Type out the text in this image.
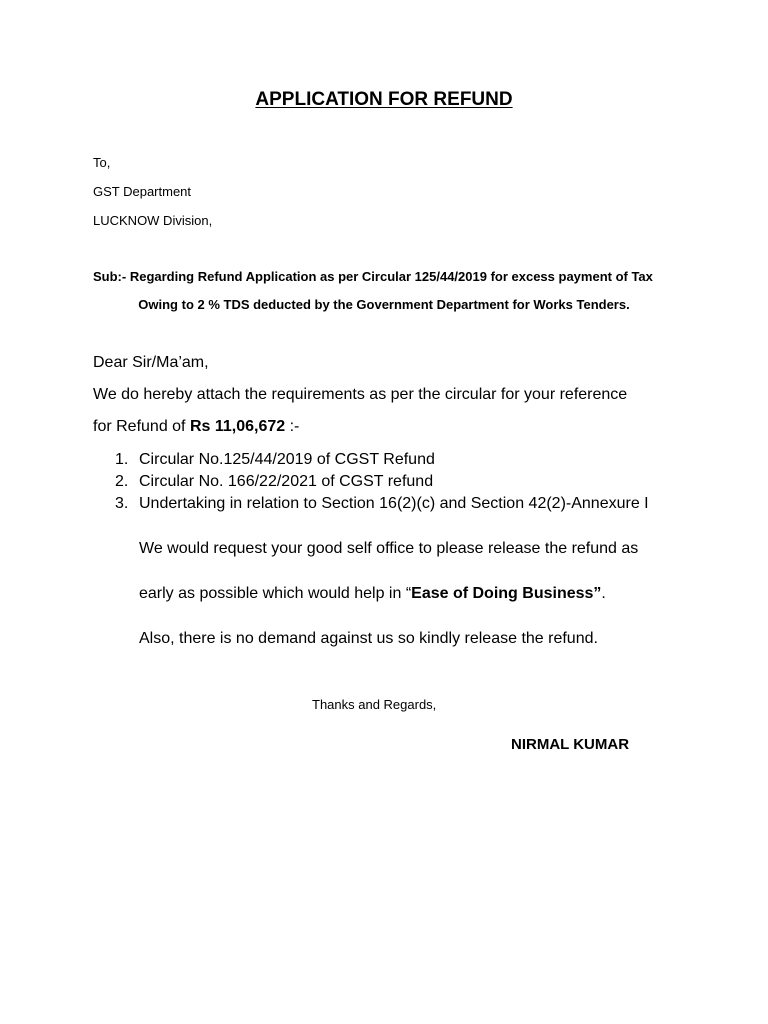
APPLICATION FOR REFUND
To,
GST Department
LUCKNOW Division,
Sub:- Regarding Refund Application as per Circular 125/44/2019 for excess payment of Tax
Owing to 2 % TDS deducted by the Government Department for Works Tenders.
Dear Sir/Ma’am,
We do hereby attach the requirements as per the circular for your reference
for Refund of Rs 11,06,672 :-
1. Circular No.125/44/2019 of CGST Refund
2. Circular No. 166/22/2021 of CGST refund
3. Undertaking in relation to Section 16(2)(c) and Section 42(2)-Annexure I
We would request your good self office to please release the refund as
early as possible which would help in “Ease of Doing Business”.
Also, there is no demand against us so kindly release the refund.
Thanks and Regards,
NIRMAL KUMAR
